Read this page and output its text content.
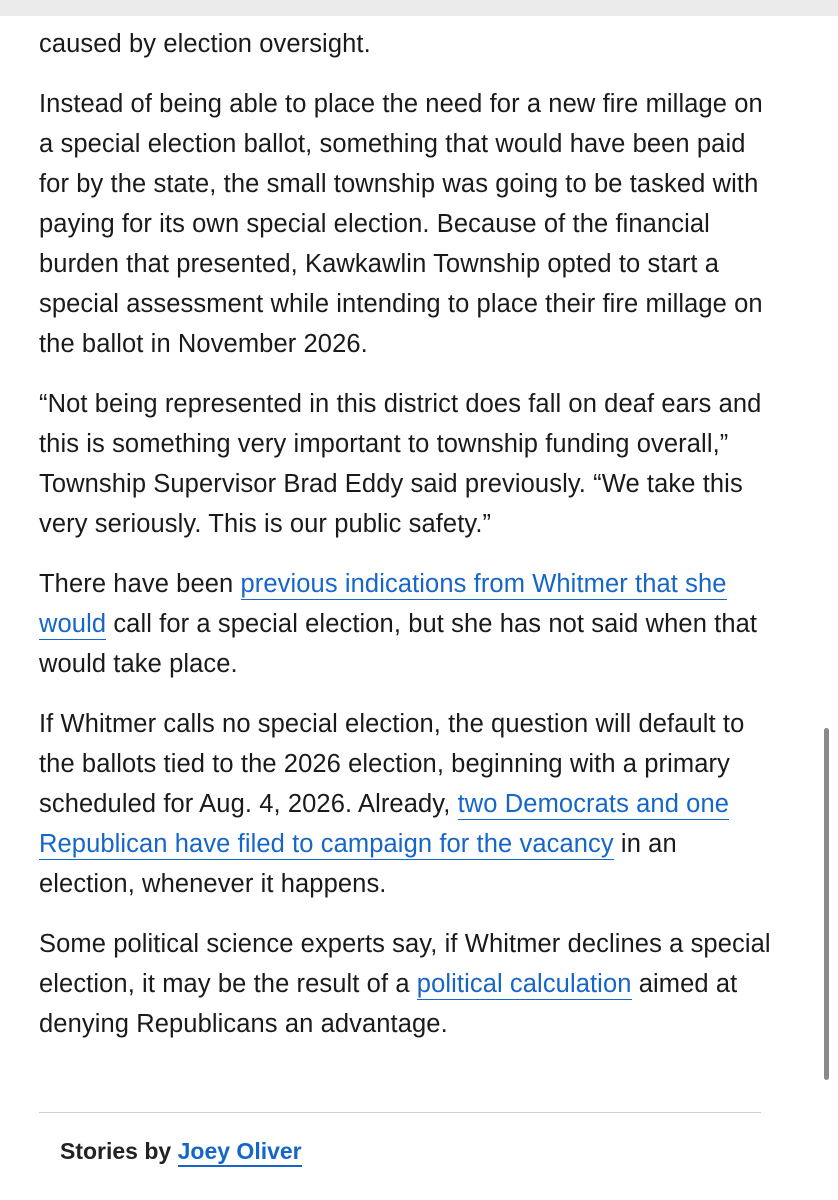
caused by election oversight.

Instead of being able to place the need for a new fire millage on a special election ballot, something that would have been paid for by the state, the small township was going to be tasked with paying for its own special election. Because of the financial burden that presented, Kawkawlin Township opted to start a special assessment while intending to place their fire millage on the ballot in November 2026.

“Not being represented in this district does fall on deaf ears and this is something very important to township funding overall,” Township Supervisor Brad Eddy said previously. “We take this very seriously. This is our public safety.”

There have been previous indications from Whitmer that she would call for a special election, but she has not said when that would take place.

If Whitmer calls no special election, the question will default to the ballots tied to the 2026 election, beginning with a primary scheduled for Aug. 4, 2026. Already, two Democrats and one Republican have filed to campaign for the vacancy in an election, whenever it happens.

Some political science experts say, if Whitmer declines a special election, it may be the result of a political calculation aimed at denying Republicans an advantage.

Stories by Joey Oliver
